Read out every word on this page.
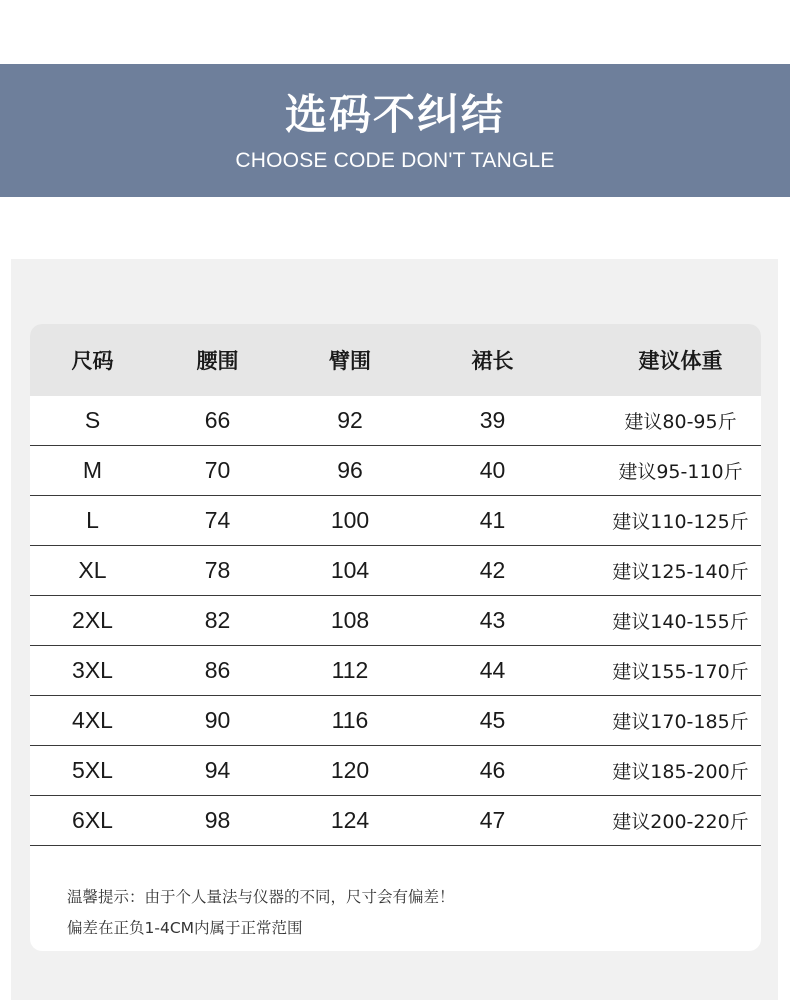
选码不纠结
CHOOSE CODE DON'T TANGLE
尺码	腰围	臂围	裙长	建议体重
S	66	92	39	建议80-95斤
M	70	96	40	建议95-110斤
L	74	100	41	建议110-125斤
XL	78	104	42	建议125-140斤
2XL	82	108	43	建议140-155斤
3XL	86	112	44	建议155-170斤
4XL	90	116	45	建议170-185斤
5XL	94	120	46	建议185-200斤
6XL	98	124	47	建议200-220斤
温馨提示：由于个人量法与仪器的不同，尺寸会有偏差！
偏差在正负1-4CM内属于正常范围
